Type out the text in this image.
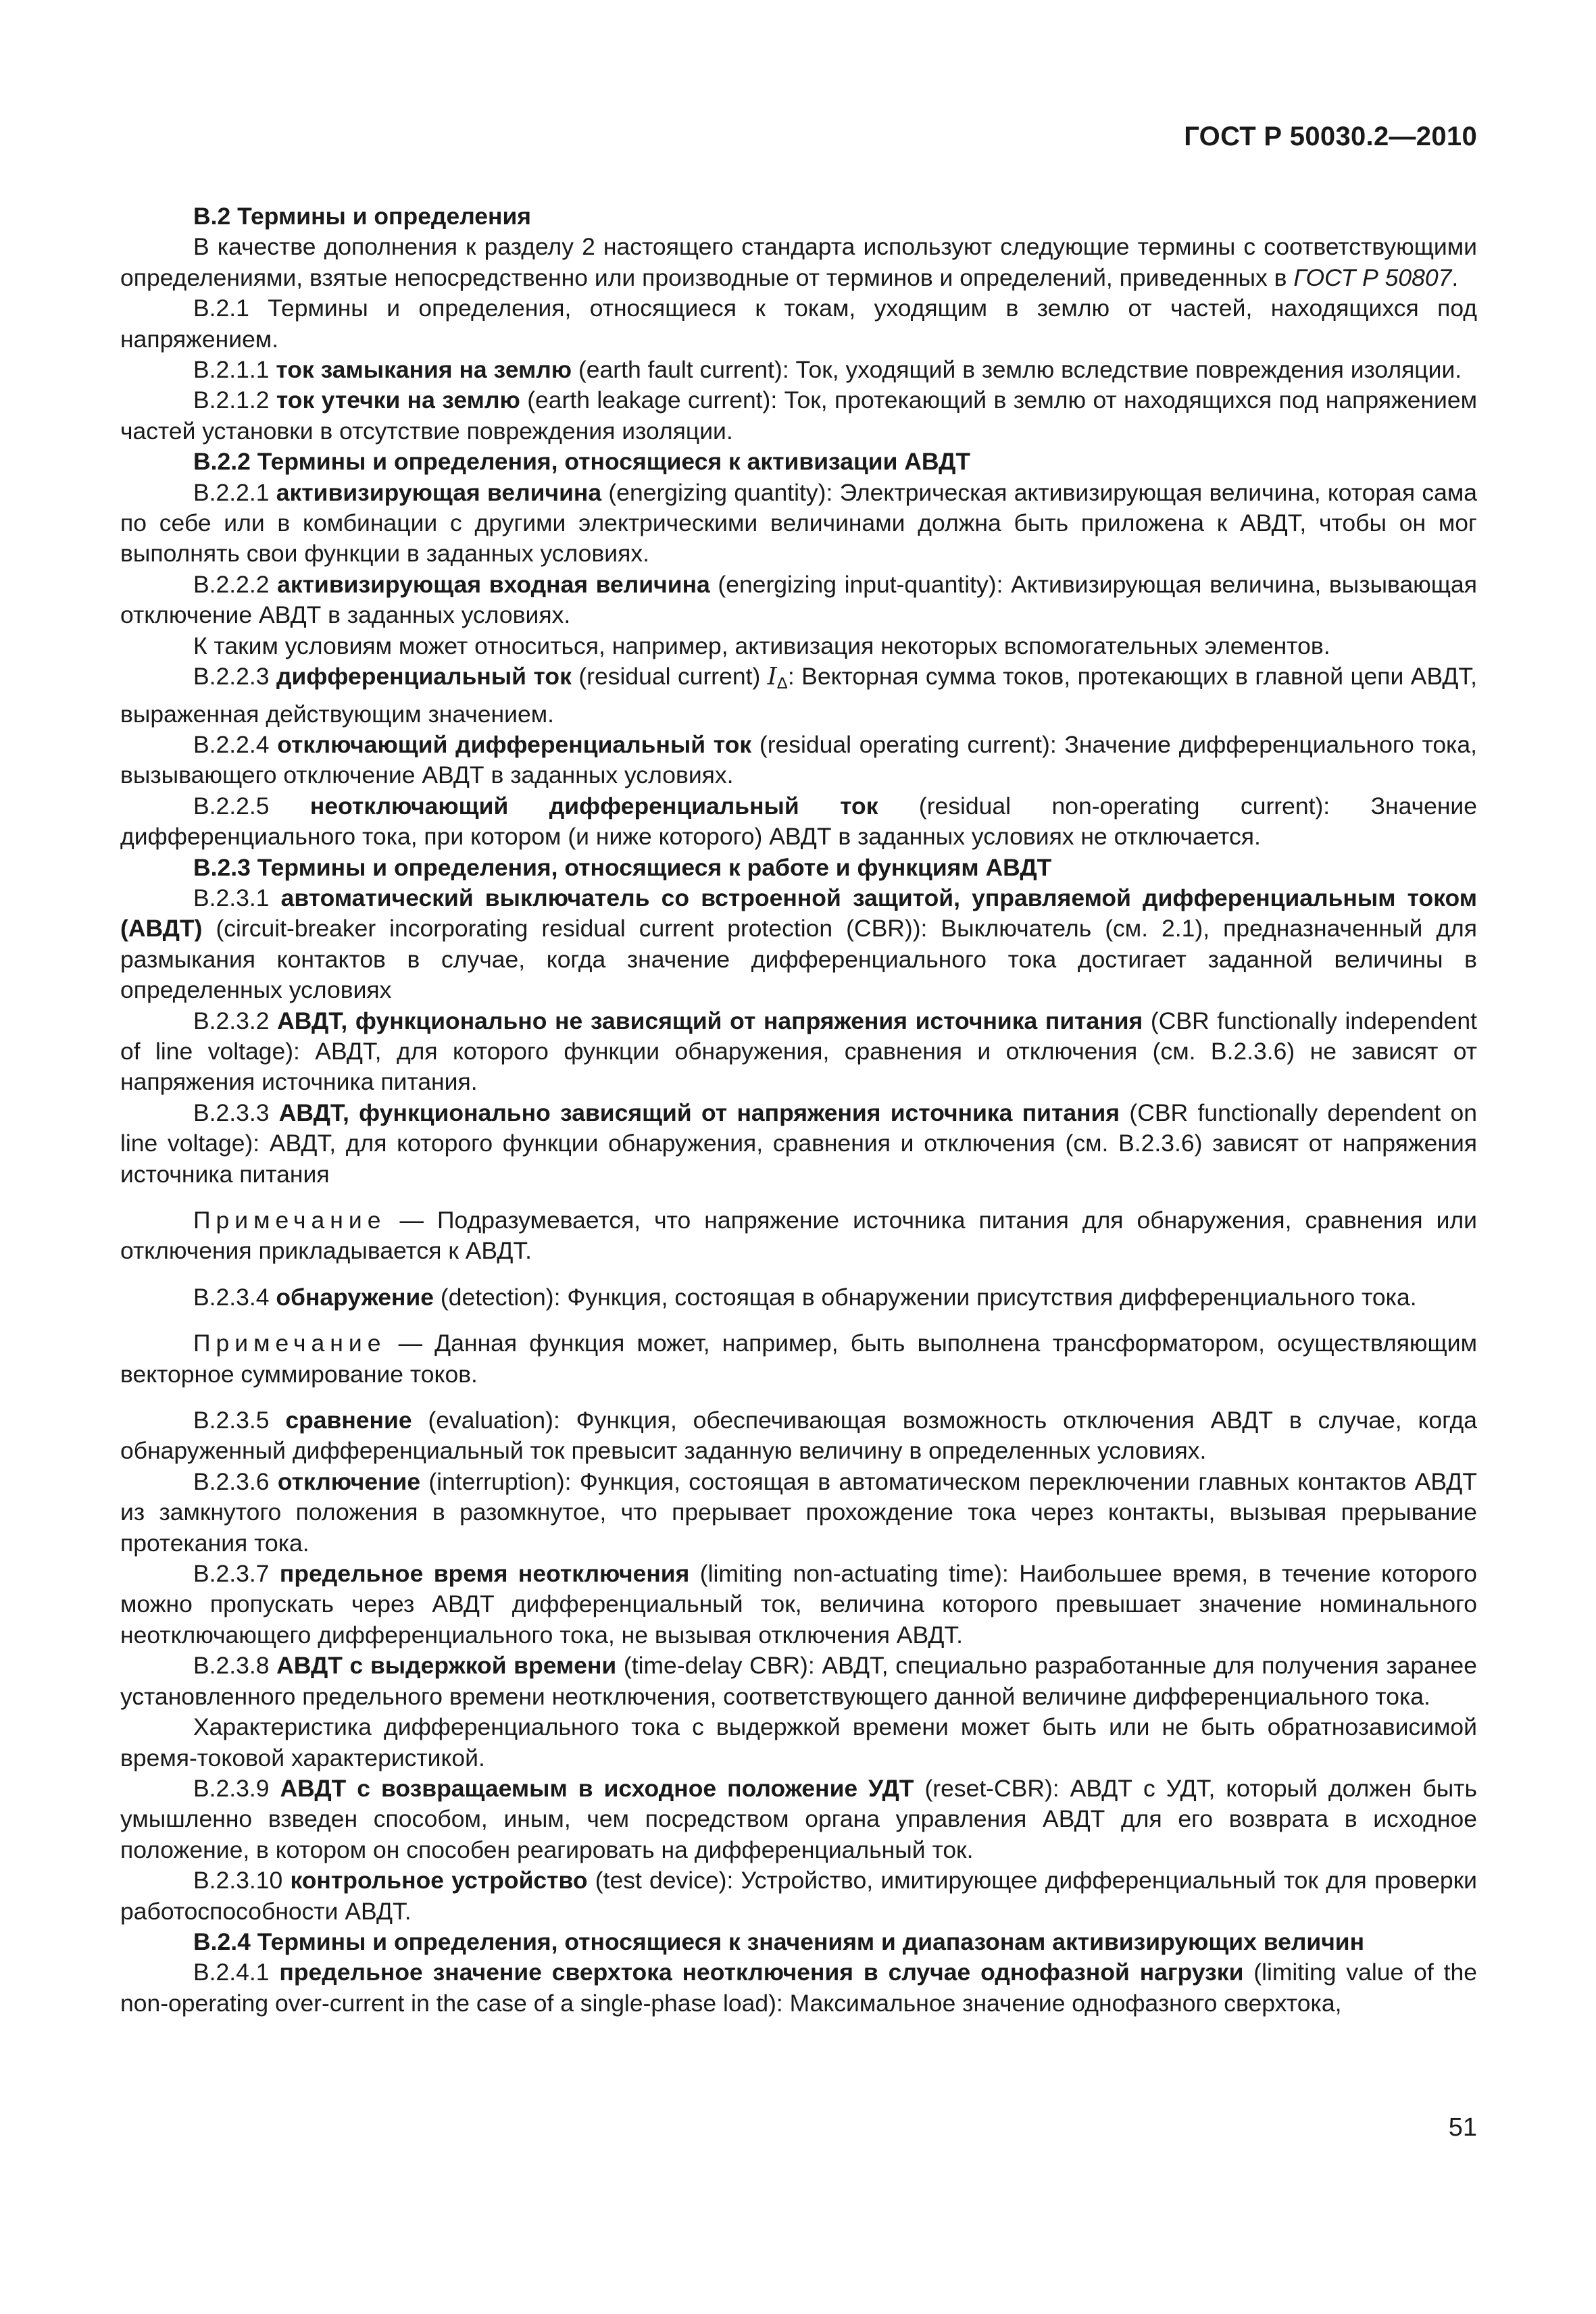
ГОСТ Р 50030.2—2010

В.2 Термины и определения

В качестве дополнения к разделу 2 настоящего стандарта используют следующие термины с соответствующими определениями, взятые непосредственно или производные от терминов и определений, приведенных в ГОСТ Р 50807.

В.2.1 Термины и определения, относящиеся к токам, уходящим в землю от частей, находящихся под напряжением.

В.2.1.1 ток замыкания на землю (earth fault current): Ток, уходящий в землю вследствие повреждения изоляции.

В.2.1.2 ток утечки на землю (earth leakage current): Ток, протекающий в землю от находящихся под напряжением частей установки в отсутствие повреждения изоляции.

В.2.2 Термины и определения, относящиеся к активизации АВДТ

В.2.2.1 активизирующая величина (energizing quantity): Электрическая активизирующая величина, которая сама по себе или в комбинации с другими электрическими величинами должна быть приложена к АВДТ, чтобы он мог выполнять свои функции в заданных условиях.

В.2.2.2 активизирующая входная величина (energizing input-quantity): Активизирующая величина, вызывающая отключение АВДТ в заданных условиях.

К таким условиям может относиться, например, активизация некоторых вспомогательных элементов.

В.2.2.3 дифференциальный ток (residual current) $I_\Delta$: Векторная сумма токов, протекающих в главной цепи АВДТ, выраженная действующим значением.

В.2.2.4 отключающий дифференциальный ток (residual operating current): Значение дифференциального тока, вызывающего отключение АВДТ в заданных условиях.

В.2.2.5 неотключающий дифференциальный ток (residual non-operating current): Значение дифференциального тока, при котором (и ниже которого) АВДТ в заданных условиях не отключается.

В.2.3 Термины и определения, относящиеся к работе и функциям АВДТ

В.2.3.1 автоматический выключатель со встроенной защитой, управляемой дифференциальным током (АВДТ) (circuit-breaker incorporating residual current protection (CBR)): Выключатель (см. 2.1), предназначенный для размыкания контактов в случае, когда значение дифференциального тока достигает заданной величины в определенных условиях

В.2.3.2 АВДТ, функционально не зависящий от напряжения источника питания (CBR functionally independent of line voltage): АВДТ, для которого функции обнаружения, сравнения и отключения (см. В.2.3.6) не зависят от напряжения источника питания.

В.2.3.3 АВДТ, функционально зависящий от напряжения источника питания (CBR functionally dependent on line voltage): АВДТ, для которого функции обнаружения, сравнения и отключения (см. В.2.3.6) зависят от напряжения источника питания

Примечание — Подразумевается, что напряжение источника питания для обнаружения, сравнения или отключения прикладывается к АВДТ.

В.2.3.4 обнаружение (detection): Функция, состоящая в обнаружении присутствия дифференциального тока.

Примечание — Данная функция может, например, быть выполнена трансформатором, осуществляющим векторное суммирование токов.

В.2.3.5 сравнение (evaluation): Функция, обеспечивающая возможность отключения АВДТ в случае, когда обнаруженный дифференциальный ток превысит заданную величину в определенных условиях.

В.2.3.6 отключение (interruption): Функция, состоящая в автоматическом переключении главных контактов АВДТ из замкнутого положения в разомкнутое, что прерывает прохождение тока через контакты, вызывая прерывание протекания тока.

В.2.3.7 предельное время неотключения (limiting non-actuating time): Наибольшее время, в течение которого можно пропускать через АВДТ дифференциальный ток, величина которого превышает значение номинального неотключающего дифференциального тока, не вызывая отключения АВДТ.

В.2.3.8 АВДТ с выдержкой времени (time-delay CBR): АВДТ, специально разработанные для получения заранее установленного предельного времени неотключения, соответствующего данной величине дифференциального тока.

Характеристика дифференциального тока с выдержкой времени может быть или не быть обратнозависимой время-токовой характеристикой.

В.2.3.9 АВДТ с возвращаемым в исходное положение УДТ (reset-CBR): АВДТ с УДТ, который должен быть умышленно взведен способом, иным, чем посредством органа управления АВДТ для его возврата в исходное положение, в котором он способен реагировать на дифференциальный ток.

В.2.3.10 контрольное устройство (test device): Устройство, имитирующее дифференциальный ток для проверки работоспособности АВДТ.

В.2.4 Термины и определения, относящиеся к значениям и диапазонам активизирующих величин

В.2.4.1 предельное значение сверхтока неотключения в случае однофазной нагрузки (limiting value of the non-operating over-current in the case of a single-phase load): Максимальное значение однофазного сверхтока,

51
